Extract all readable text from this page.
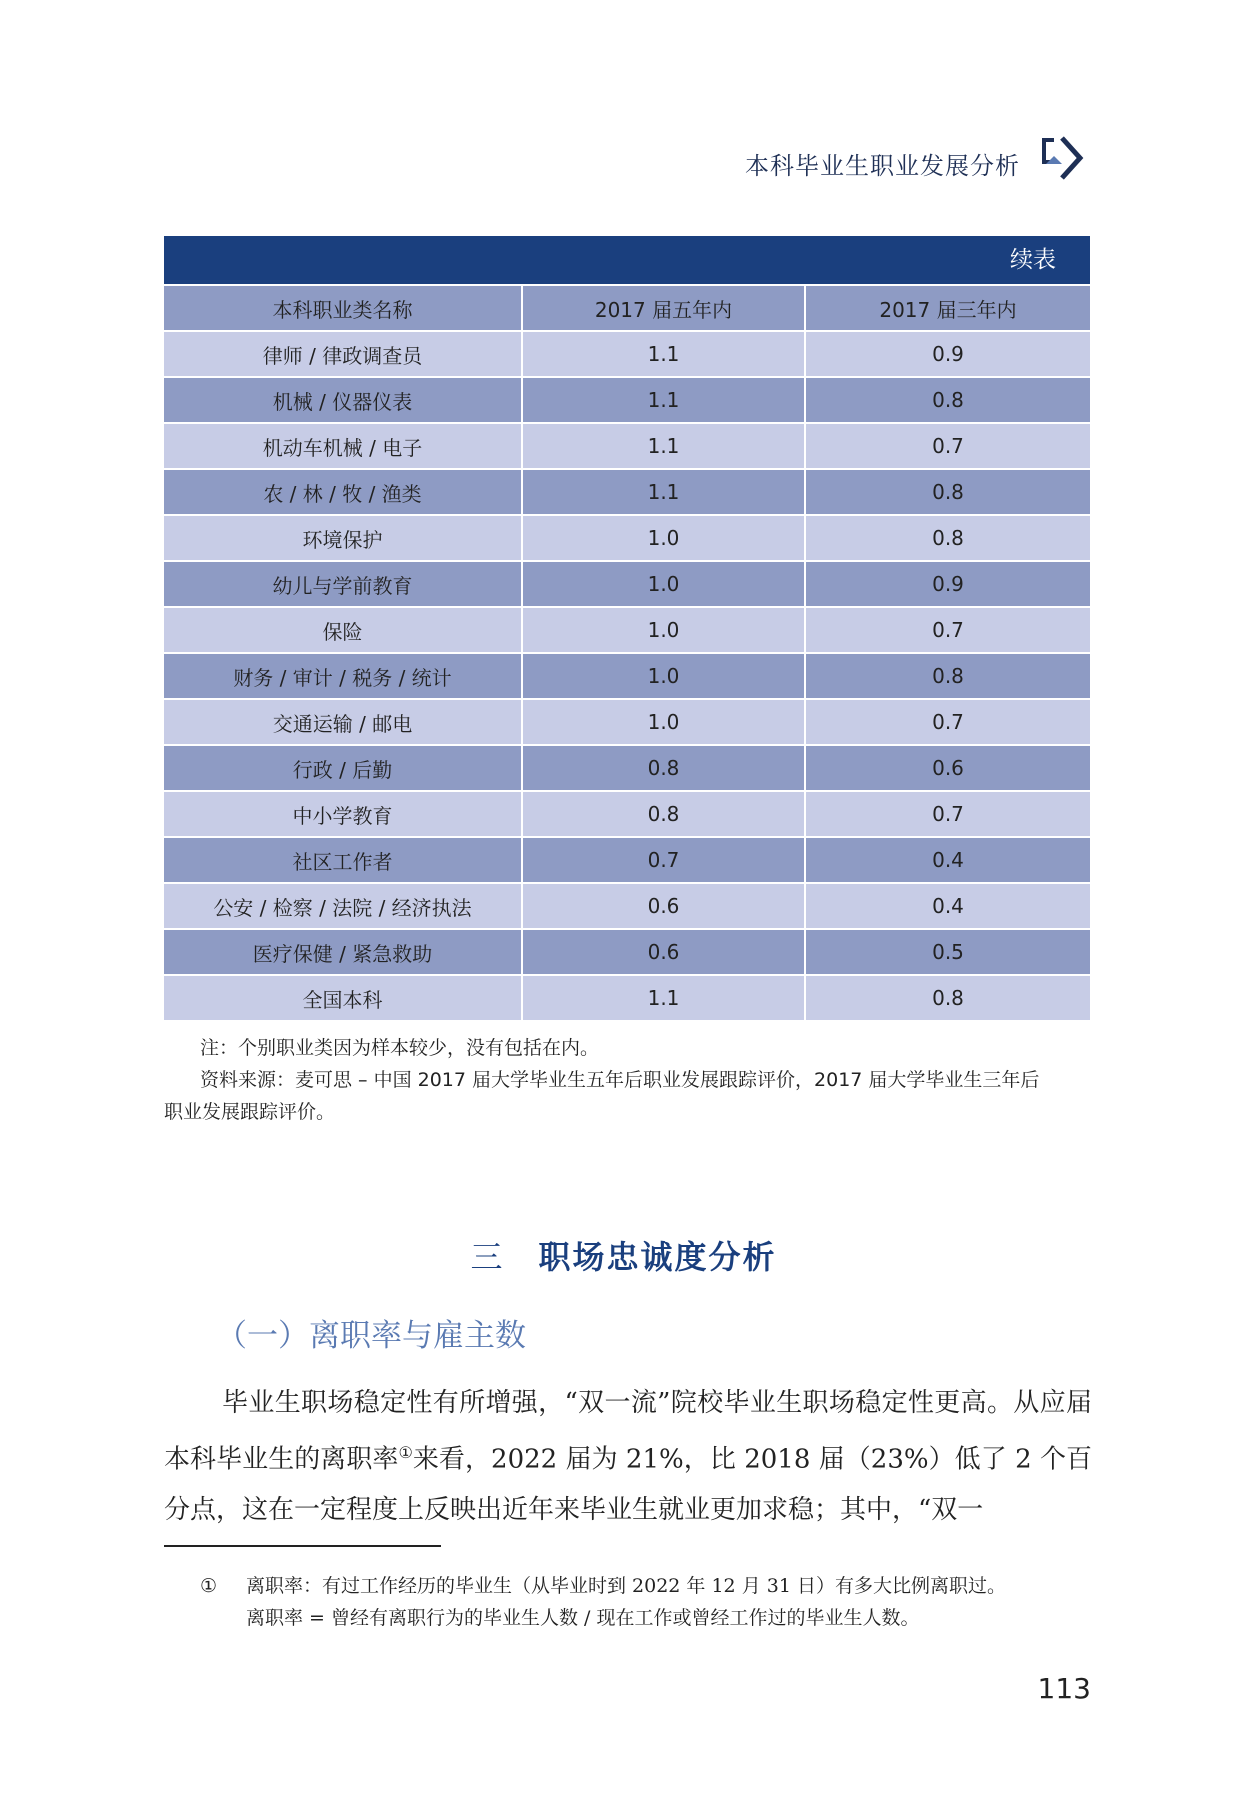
本科毕业生职业发展分析
续表
本科职业类名称	2017 届五年内	2017 届三年内
律师 / 律政调查员	1.1	0.9
机械 / 仪器仪表	1.1	0.8
机动车机械 / 电子	1.1	0.7
农 / 林 / 牧 / 渔类	1.1	0.8
环境保护	1.0	0.8
幼儿与学前教育	1.0	0.9
保险	1.0	0.7
财务 / 审计 / 税务 / 统计	1.0	0.8
交通运输 / 邮电	1.0	0.7
行政 / 后勤	0.8	0.6
中小学教育	0.8	0.7
社区工作者	0.7	0.4
公安 / 检察 / 法院 / 经济执法	0.6	0.4
医疗保健 / 紧急救助	0.6	0.5
全国本科	1.1	0.8
注：个别职业类因为样本较少，没有包括在内。
资料来源：麦可思 – 中国 2017 届大学毕业生五年后职业发展跟踪评价，2017 届大学毕业生三年后
职业发展跟踪评价。
三 职场忠诚度分析
（一）离职率与雇主数

毕业生职场稳定性有所增强，“双一流”院校毕业生职场稳定性更高。从应届本科毕业生的离职率①来看，2022 届为 21%，比 2018 届（23%）低了 2 个百分点，这在一定程度上反映出近年来毕业生就业更加求稳；其中，“双一

① 离职率：有过工作经历的毕业生（从毕业时到 2022 年 12 月 31 日）有多大比例离职过。
离职率 = 曾经有离职行为的毕业生人数 / 现在工作或曾经工作过的毕业生人数。
113
